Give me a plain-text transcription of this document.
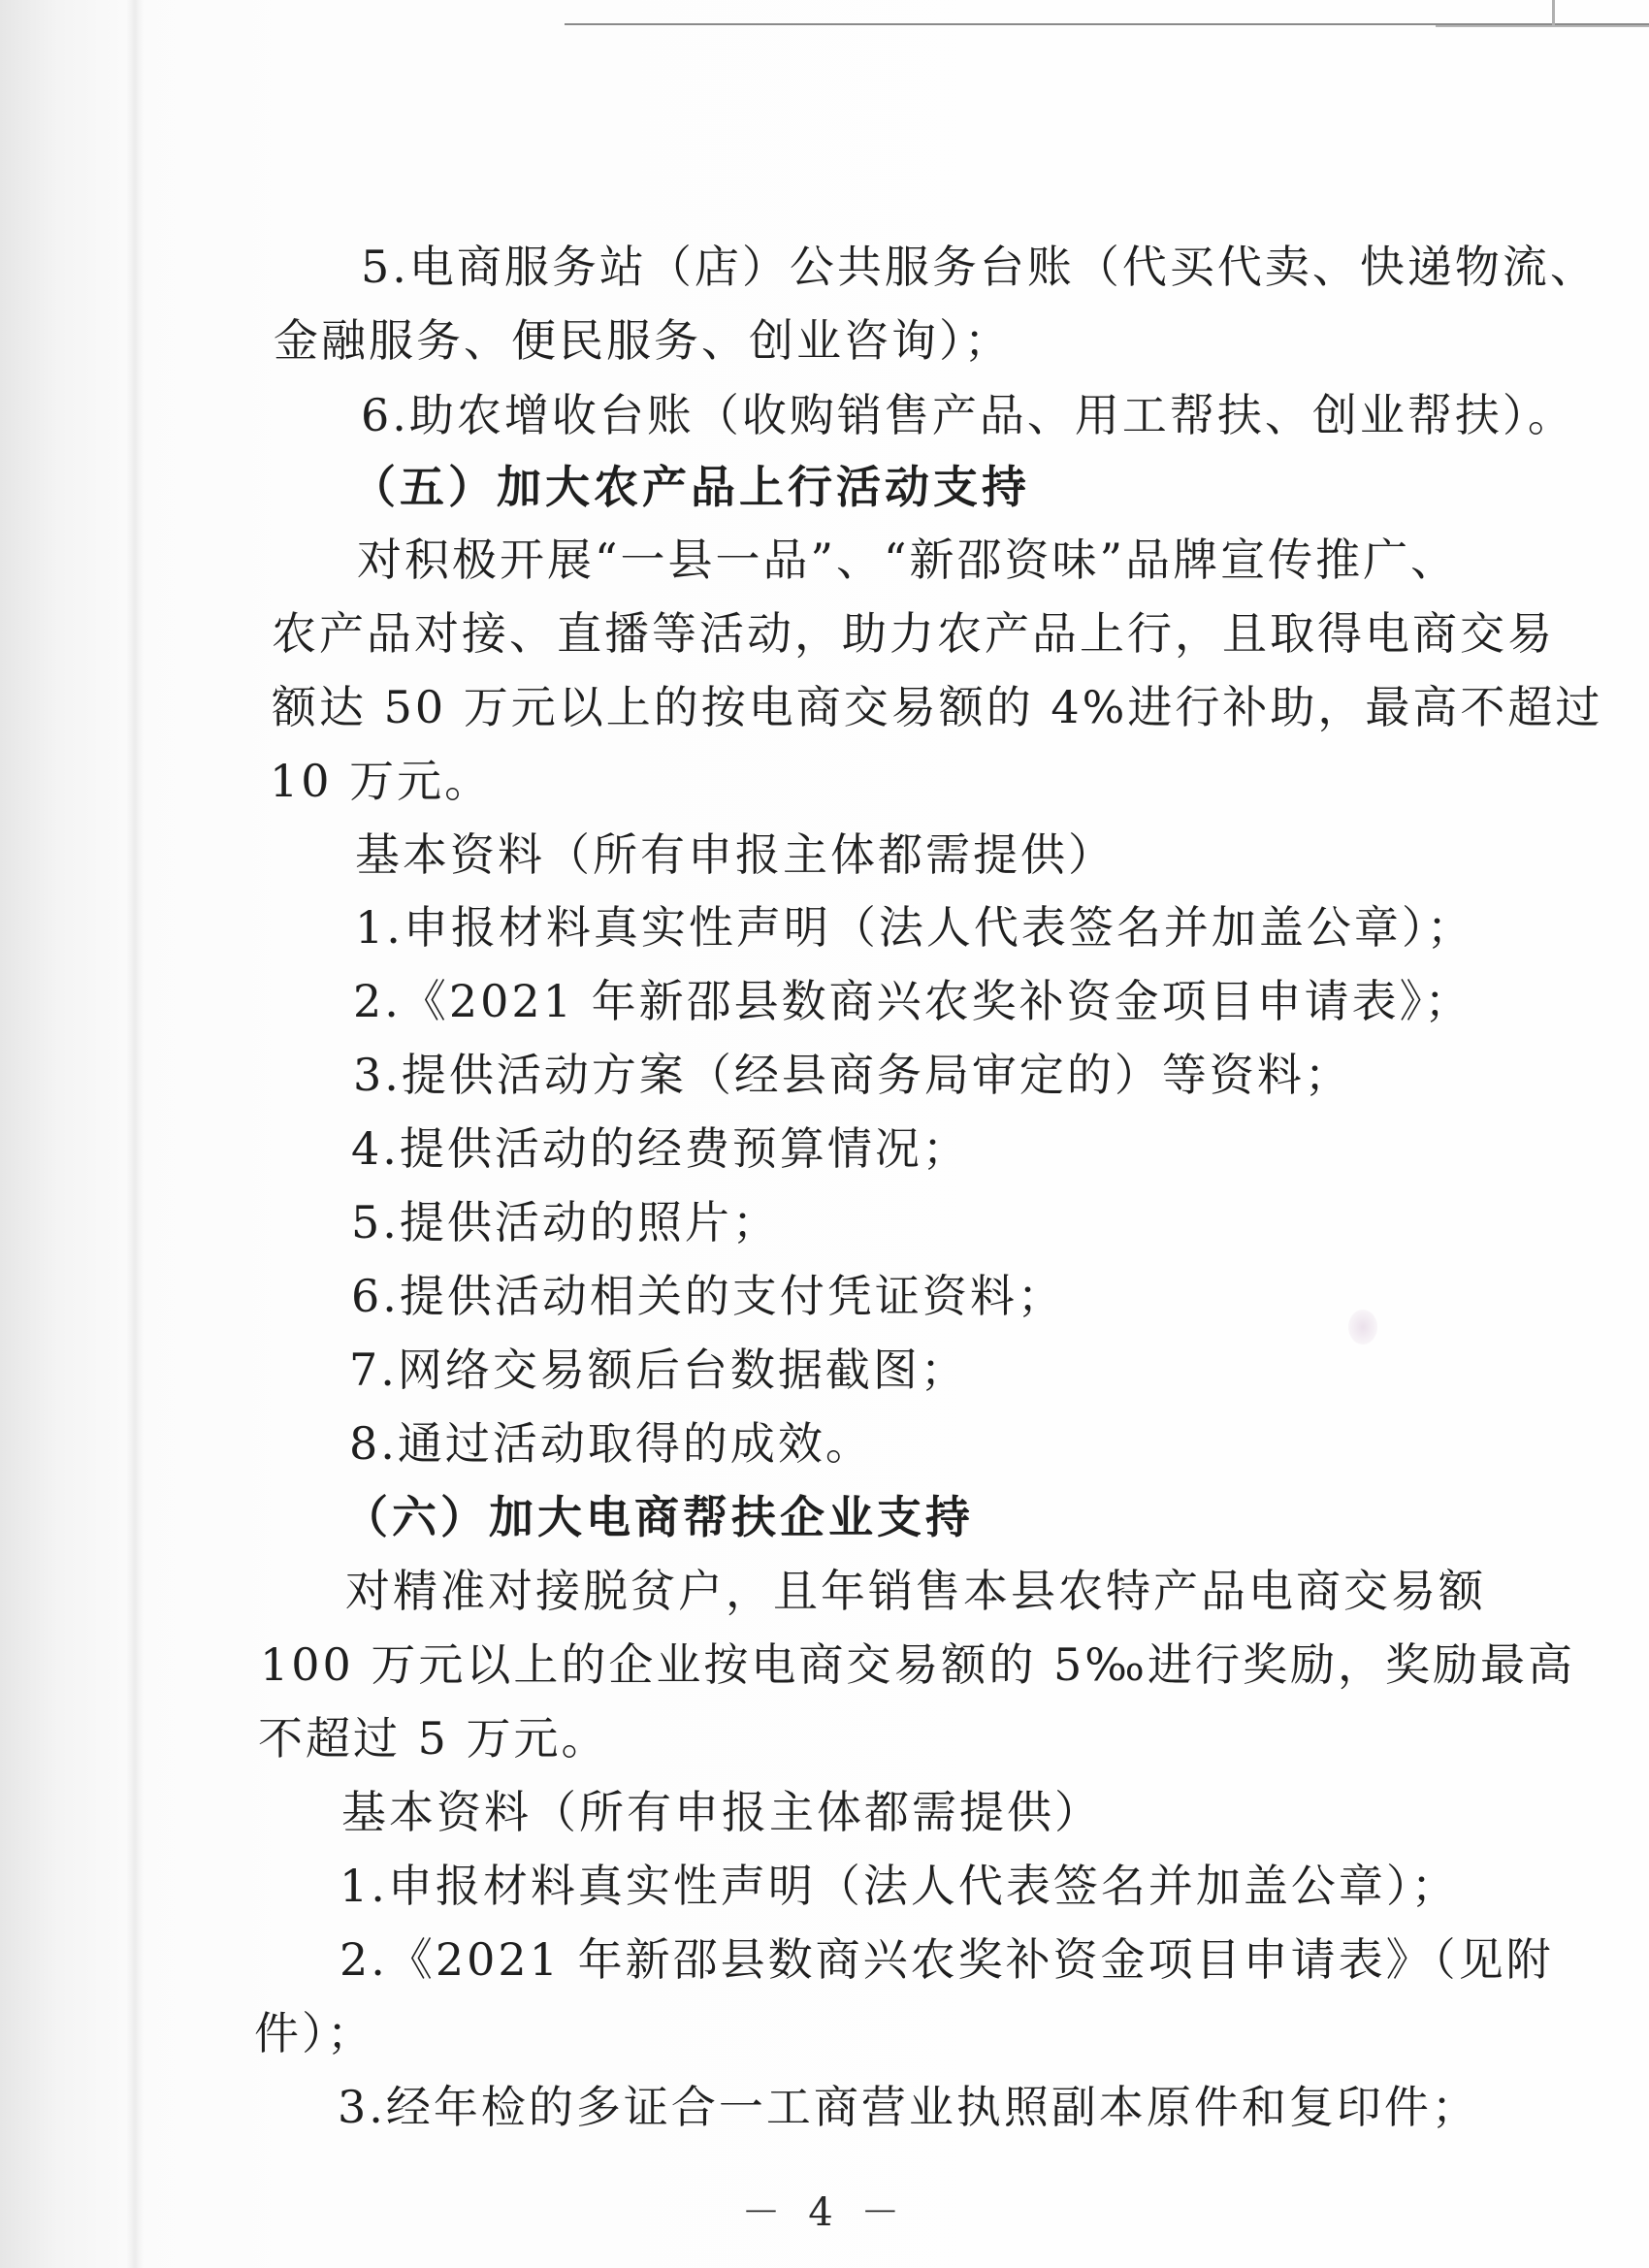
5.电商服务站（店）公共服务台账（代买代卖、快递物流、
金融服务、便民服务、创业咨询）；
6.助农增收台账（收购销售产品、用工帮扶、创业帮扶）。
（五）加大农产品上行活动支持
对积极开展“一县一品”、“新邵资味”品牌宣传推广、
农产品对接、直播等活动，助力农产品上行，且取得电商交易
额达 50 万元以上的按电商交易额的 4%进行补助，最高不超过
10 万元。
基本资料（所有申报主体都需提供）
1.申报材料真实性声明（法人代表签名并加盖公章）；
2.《2021 年新邵县数商兴农奖补资金项目申请表》；
3.提供活动方案（经县商务局审定的）等资料；
4.提供活动的经费预算情况；
5.提供活动的照片；
6.提供活动相关的支付凭证资料；
7.网络交易额后台数据截图；
8.通过活动取得的成效。
（六）加大电商帮扶企业支持
对精准对接脱贫户，且年销售本县农特产品电商交易额
100 万元以上的企业按电商交易额的 5‰进行奖励，奖励最高
不超过 5 万元。
基本资料（所有申报主体都需提供）
1.申报材料真实性声明（法人代表签名并加盖公章）；
2.《2021 年新邵县数商兴农奖补资金项目申请表》（见附
件）；
3.经年检的多证合一工商营业执照副本原件和复印件；
－ 4 －
